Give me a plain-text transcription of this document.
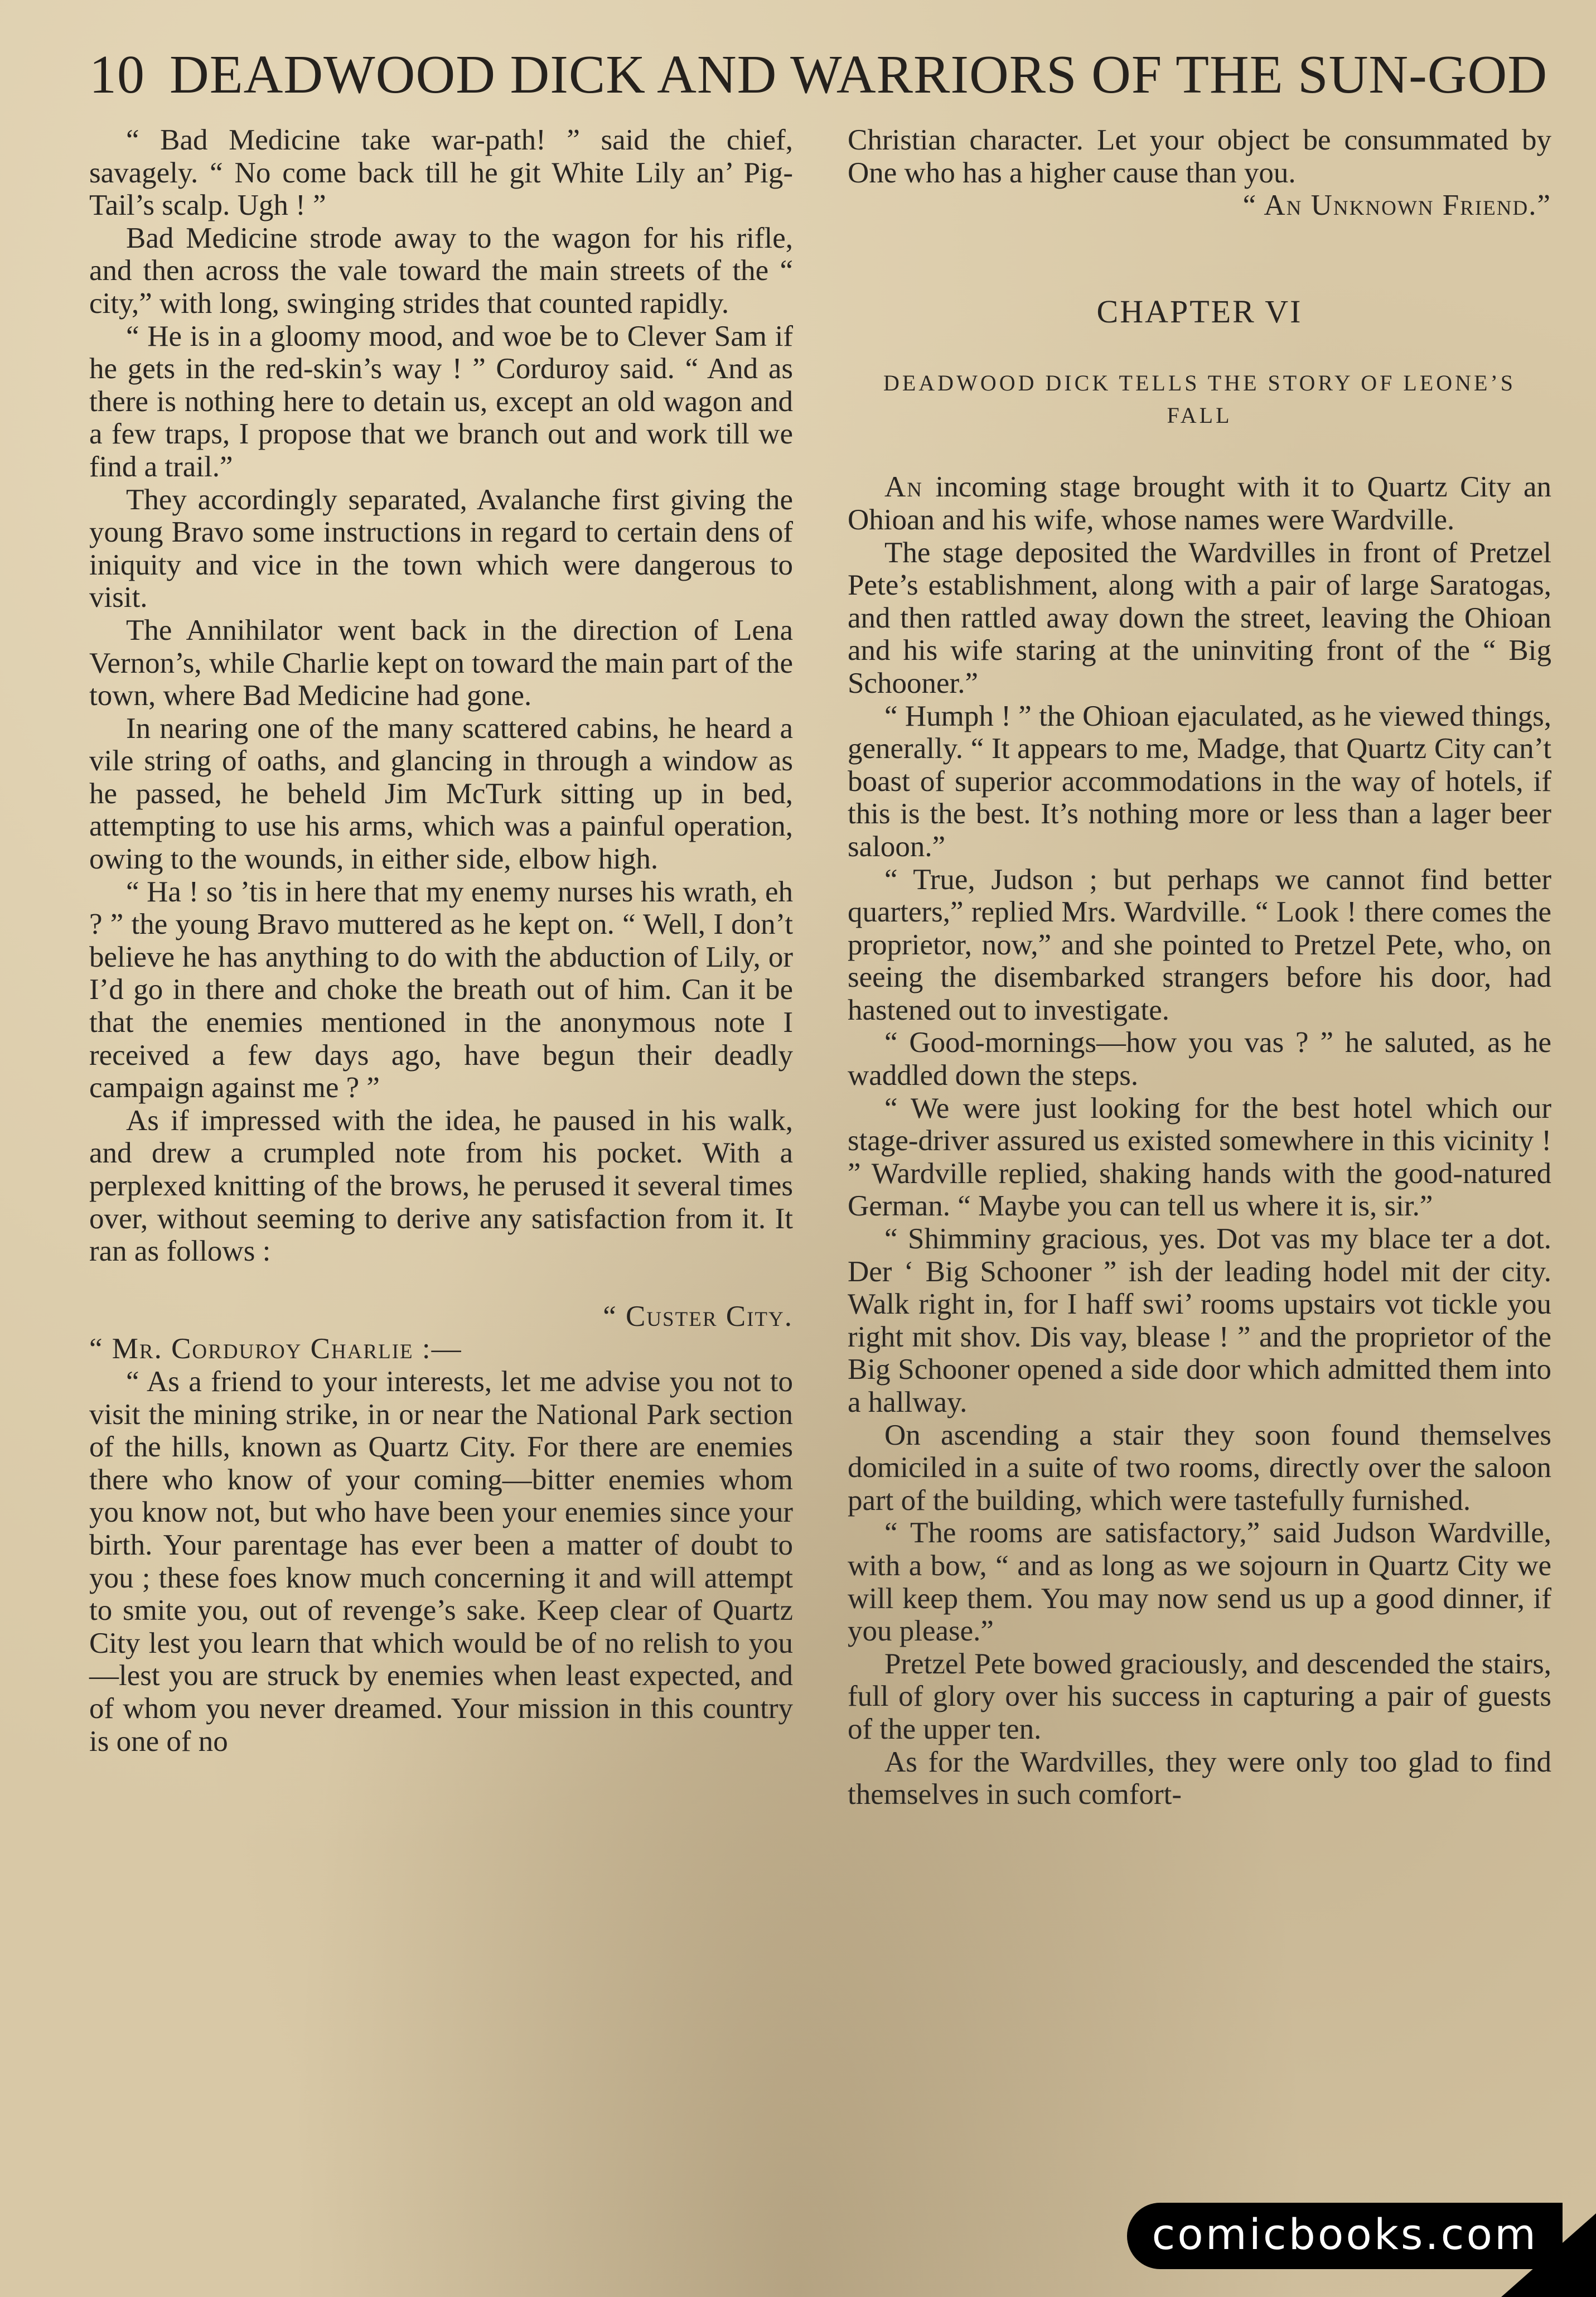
10 DEADWOOD DICK AND WARRIORS OF THE SUN-GOD

“ Bad Medicine take war-path! ” said the chief, savagely. “ No come back till he git White Lily an’ Pig-Tail’s scalp. Ugh ! ”

Bad Medicine strode away to the wagon for his rifle, and then across the vale toward the main streets of the “ city,” with long, swinging strides that counted rapidly.

“ He is in a gloomy mood, and woe be to Clever Sam if he gets in the red-skin’s way ! ” Corduroy said. “ And as there is nothing here to detain us, except an old wagon and a few traps, I propose that we branch out and work till we find a trail.”

They accordingly separated, Avalanche first giving the young Bravo some instructions in regard to certain dens of iniquity and vice in the town which were dangerous to visit.

The Annihilator went back in the direction of Lena Vernon’s, while Charlie kept on toward the main part of the town, where Bad Medicine had gone.

In nearing one of the many scattered cabins, he heard a vile string of oaths, and glancing in through a window as he passed, he beheld Jim McTurk sitting up in bed, attempting to use his arms, which was a painful operation, owing to the wounds, in either side, elbow high.

“ Ha ! so ’tis in here that my enemy nurses his wrath, eh ? ” the young Bravo muttered as he kept on. “ Well, I don’t believe he has anything to do with the abduction of Lily, or I’d go in there and choke the breath out of him. Can it be that the enemies mentioned in the anonymous note I received a few days ago, have begun their deadly campaign against me ? ”

As if impressed with the idea, he paused in his walk, and drew a crumpled note from his pocket. With a perplexed knitting of the brows, he perused it several times over, without seeming to derive any satisfaction from it. It ran as follows :

“ Custer City.

“ Mr. Corduroy Charlie :—

“ As a friend to your interests, let me advise you not to visit the mining strike, in or near the National Park section of the hills, known as Quartz City. For there are enemies there who know of your coming—bitter enemies whom you know not, but who have been your enemies since your birth. Your parentage has ever been a matter of doubt to you ; these foes know much concerning it and will attempt to smite you, out of revenge’s sake. Keep clear of Quartz City lest you learn that which would be of no relish to you—lest you are struck by enemies when least expected, and of whom you never dreamed. Your mission in this country is one of no

Christian character. Let your object be consummated by One who has a higher cause than you.

“ An Unknown Friend.”

CHAPTER VI
DEADWOOD DICK TELLS THE STORY OF LEONE’S FALL

An incoming stage brought with it to Quartz City an Ohioan and his wife, whose names were Wardville.

The stage deposited the Wardvilles in front of Pretzel Pete’s establishment, along with a pair of large Saratogas, and then rattled away down the street, leaving the Ohioan and his wife staring at the uninviting front of the “ Big Schooner.”

“ Humph ! ” the Ohioan ejaculated, as he viewed things, generally. “ It appears to me, Madge, that Quartz City can’t boast of superior accommodations in the way of hotels, if this is the best. It’s nothing more or less than a lager beer saloon.”

“ True, Judson ; but perhaps we cannot find better quarters,” replied Mrs. Wardville. “ Look ! there comes the proprietor, now,” and she pointed to Pretzel Pete, who, on seeing the disembarked strangers before his door, had hastened out to investigate.

“ Good-mornings—how you vas ? ” he saluted, as he waddled down the steps.

“ We were just looking for the best hotel which our stage-driver assured us existed somewhere in this vicinity ! ” Wardville replied, shaking hands with the good-natured German. “ Maybe you can tell us where it is, sir.”

“ Shimminy gracious, yes. Dot vas my blace ter a dot. Der ‘ Big Schooner ” ish der leading hodel mit der city. Walk right in, for I haff swi’ rooms upstairs vot tickle you right mit shov. Dis vay, blease ! ” and the proprietor of the Big Schooner opened a side door which admitted them into a hallway.

On ascending a stair they soon found themselves domiciled in a suite of two rooms, directly over the saloon part of the building, which were tastefully furnished.

“ The rooms are satisfactory,” said Judson Wardville, with a bow, “ and as long as we sojourn in Quartz City we will keep them. You may now send us up a good dinner, if you please.”

Pretzel Pete bowed graciously, and descended the stairs, full of glory over his success in capturing a pair of guests of the upper ten.

As for the Wardvilles, they were only too glad to find themselves in such comfort-

comicbooks.com
